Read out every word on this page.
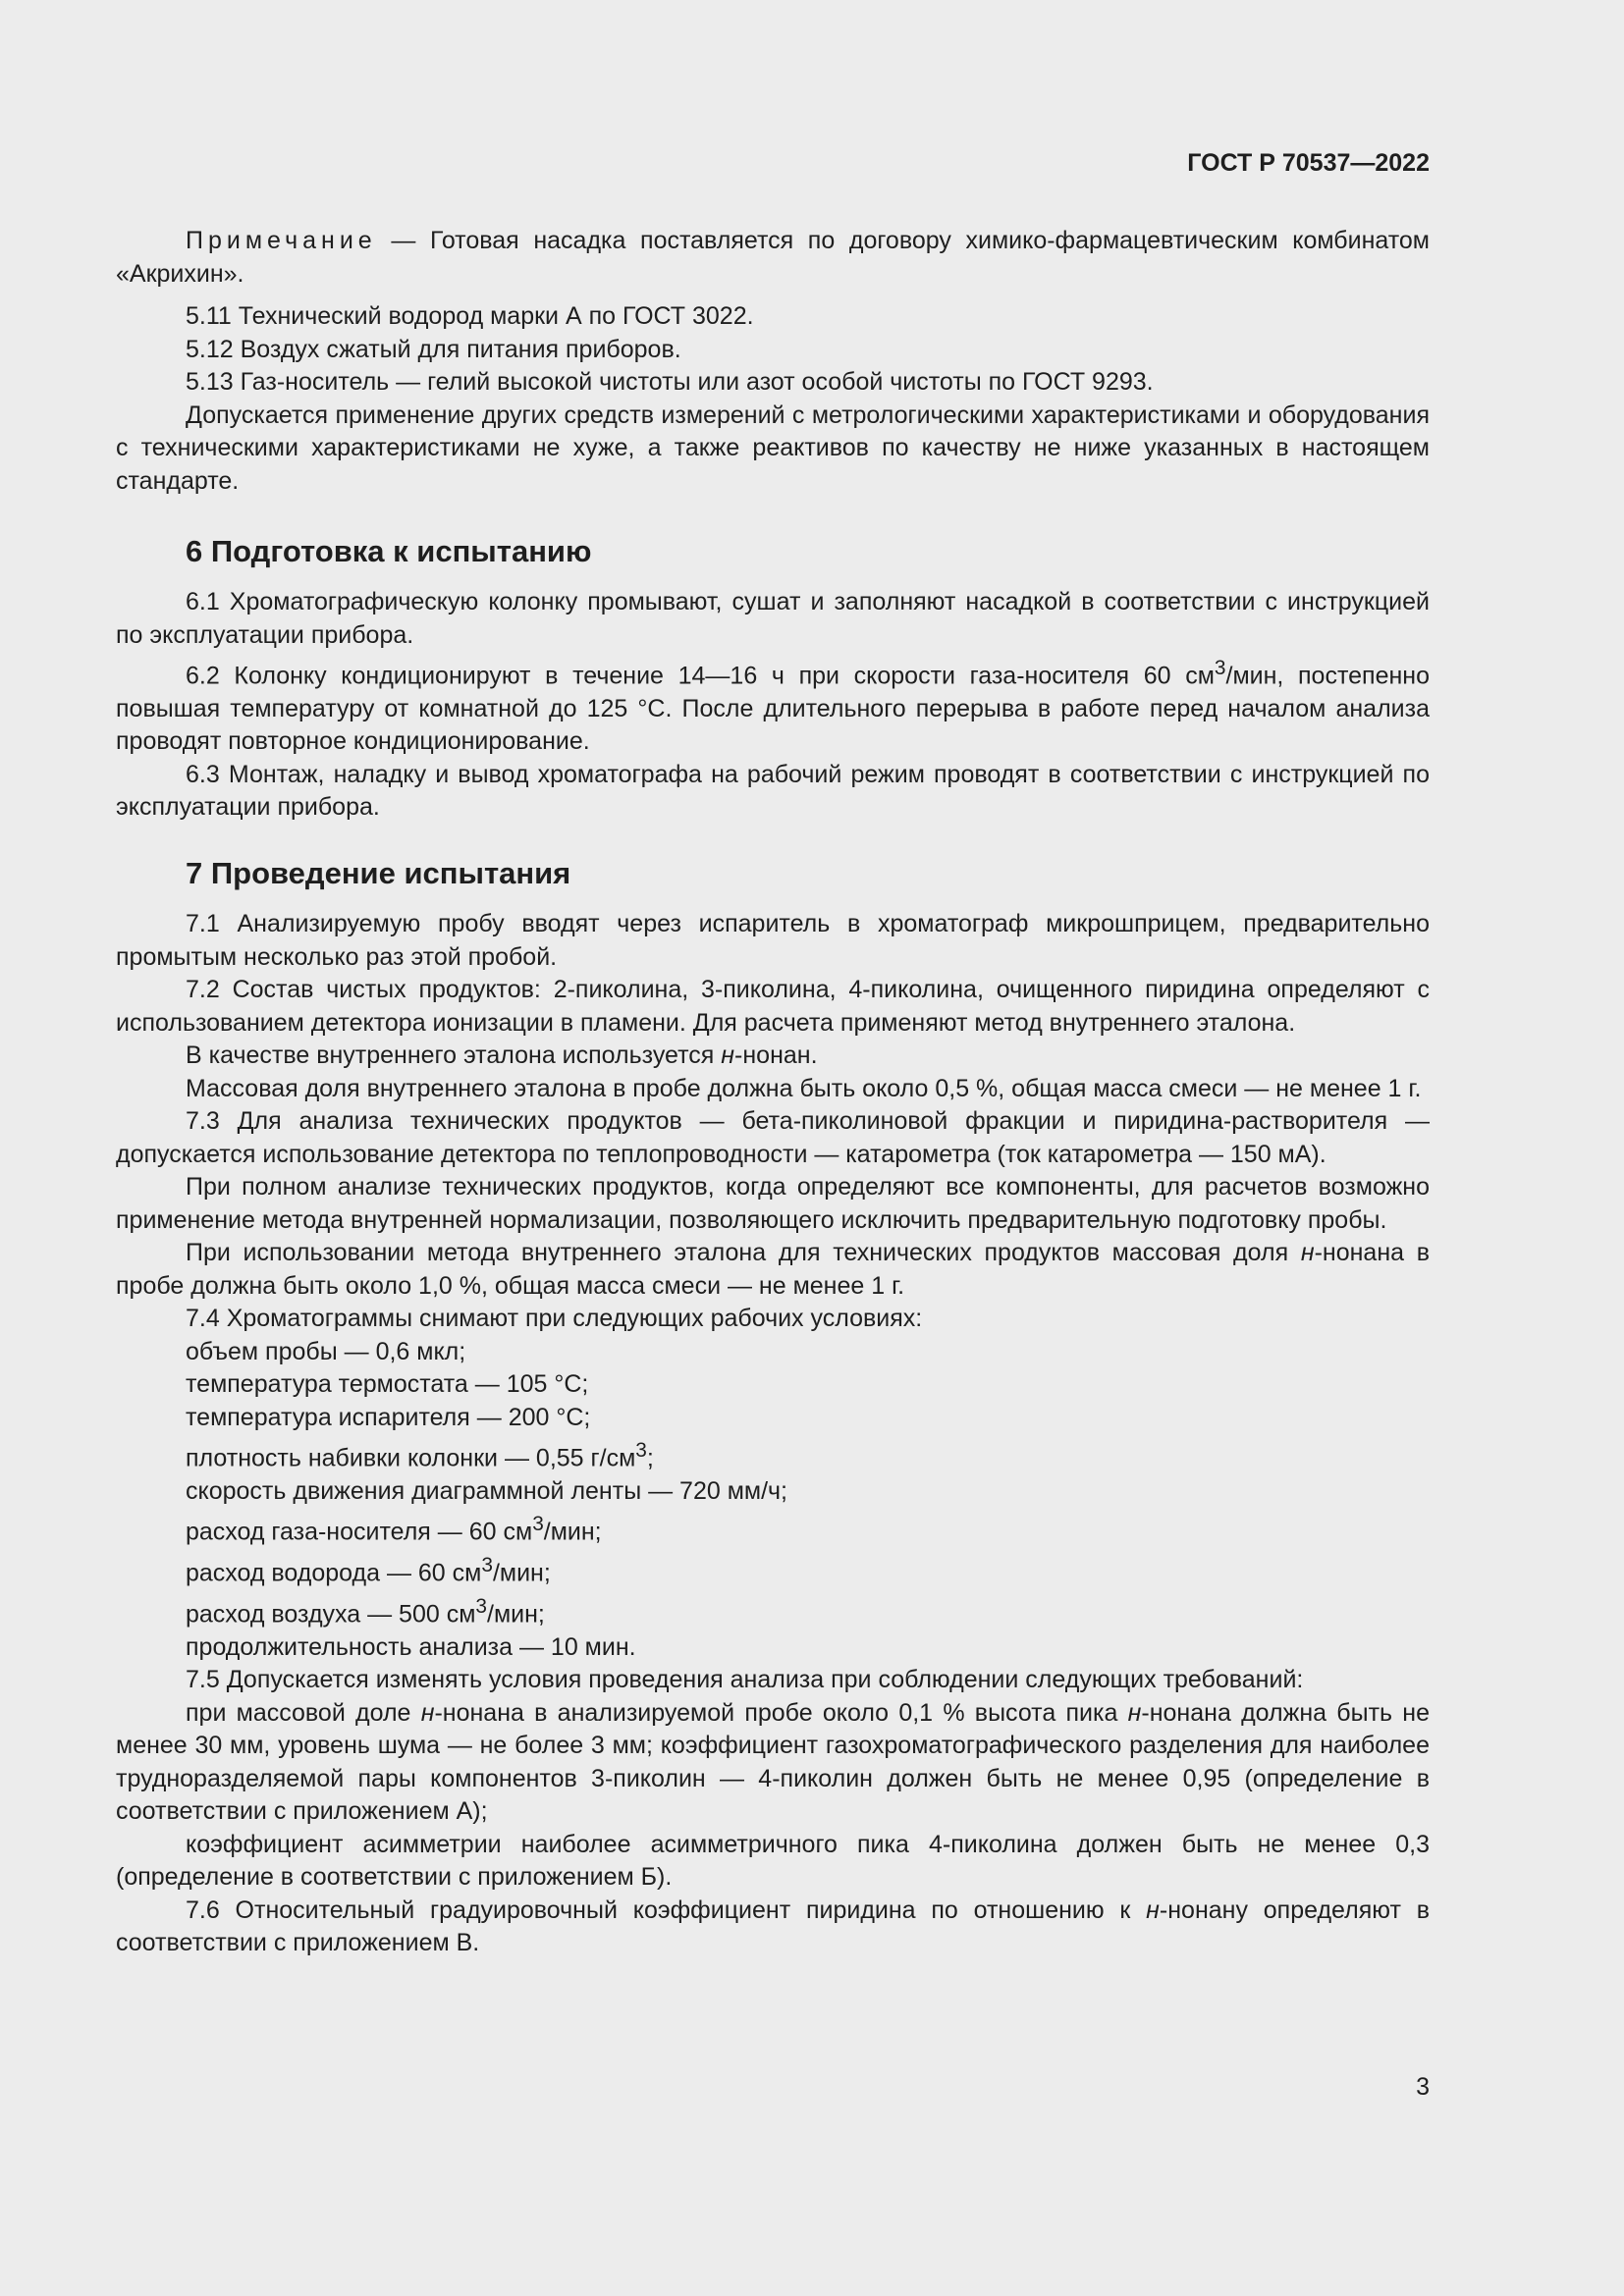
ГОСТ Р 70537—2022

Примечание — Готовая насадка поставляется по договору химико-фармацевтическим комбинатом «Акрихин».

5.11 Технический водород марки А по ГОСТ 3022.

5.12 Воздух сжатый для питания приборов.

5.13 Газ-носитель — гелий высокой чистоты или азот особой чистоты по ГОСТ 9293.

Допускается применение других средств измерений с метрологическими характеристиками и оборудования с техническими характеристиками не хуже, а также реактивов по качеству не ниже указанных в настоящем стандарте.

6 Подготовка к испытанию

6.1 Хроматографическую колонку промывают, сушат и заполняют насадкой в соответствии с инструкцией по эксплуатации прибора.

6.2 Колонку кондиционируют в течение 14—16 ч при скорости газа-носителя 60 $см^3$/мин, постепенно повышая температуру от комнатной до 125 °С. После длительного перерыва в работе перед началом анализа проводят повторное кондиционирование.

6.3 Монтаж, наладку и вывод хроматографа на рабочий режим проводят в соответствии с инструкцией по эксплуатации прибора.

7 Проведение испытания

7.1 Анализируемую пробу вводят через испаритель в хроматограф микрошприцем, предварительно промытым несколько раз этой пробой.

7.2 Состав чистых продуктов: 2-пиколина, 3-пиколина, 4-пиколина, очищенного пиридина определяют с использованием детектора ионизации в пламени. Для расчета применяют метод внутреннего эталона.

В качестве внутреннего эталона используется н-нонан.

Массовая доля внутреннего эталона в пробе должна быть около 0,5 %, общая масса смеси — не менее 1 г.

7.3 Для анализа технических продуктов — бета-пиколиновой фракции и пиридина-растворителя — допускается использование детектора по теплопроводности — катарометра (ток катарометра — 150 мА).

При полном анализе технических продуктов, когда определяют все компоненты, для расчетов возможно применение метода внутренней нормализации, позволяющего исключить предварительную подготовку пробы.

При использовании метода внутреннего эталона для технических продуктов массовая доля н-нонана в пробе должна быть около 1,0 %, общая масса смеси — не менее 1 г.

7.4 Хроматограммы снимают при следующих рабочих условиях:

объем пробы — 0,6 мкл;

температура термостата — 105 °С;

температура испарителя — 200 °С;

плотность набивки колонки — 0,55 $г/см^3$;

скорость движения диаграммной ленты — 720 мм/ч;

расход газа-носителя — 60 $см^3$/мин;

расход водорода — 60 $см^3$/мин;

расход воздуха — 500 $см^3$/мин;

продолжительность анализа — 10 мин.

7.5 Допускается изменять условия проведения анализа при соблюдении следующих требований:

при массовой доле н-нонана в анализируемой пробе около 0,1 % высота пика н-нонана должна быть не менее 30 мм, уровень шума — не более 3 мм; коэффициент газохроматографического разделения для наиболее трудноразделяемой пары компонентов 3-пиколин — 4-пиколин должен быть не менее 0,95 (определение в соответствии с приложением А);

коэффициент асимметрии наиболее асимметричного пика 4-пиколина должен быть не менее 0,3 (определение в соответствии с приложением Б).

7.6 Относительный градуировочный коэффициент пиридина по отношению к н-нонану определяют в соответствии с приложением В.

3
